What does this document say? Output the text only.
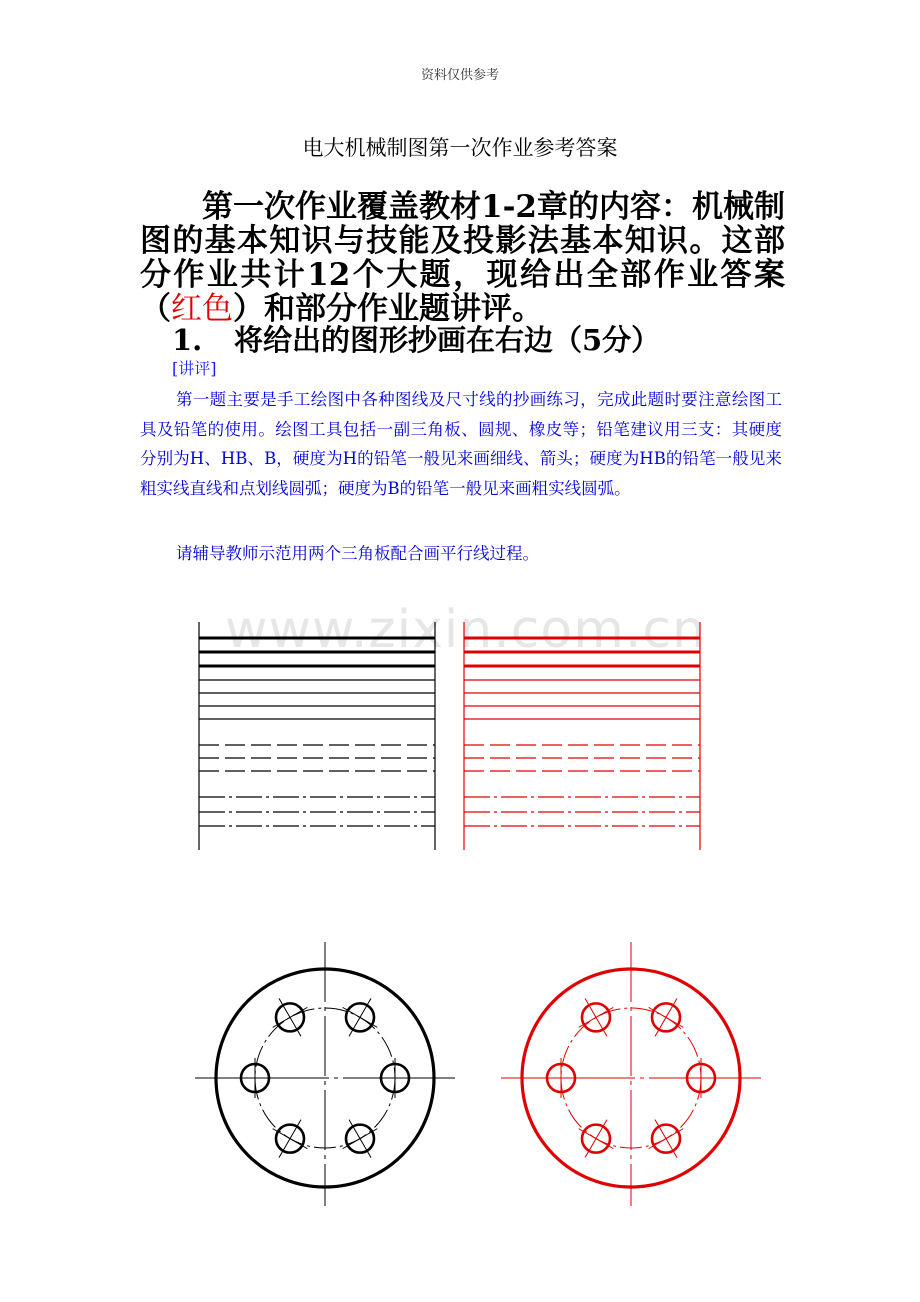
资料仅供参考
电大机械制图第一次作业参考答案

第一次作业覆盖教材1-2章的内容：机械制图的基本知识与技能及投影法基本知识。这部分作业共计12个大题，现给出全部作业答案（红色）和部分作业题讲评。

1. 将给出的图形抄画在右边（5分）
[讲评]

第一题主要是手工绘图中各种图线及尺寸线的抄画练习，完成此题时要注意绘图工具及铅笔的使用。绘图工具包括一副三角板、圆规、橡皮等；铅笔建议用三支：其硬度分别为H、HB、B，硬度为H的铅笔一般见来画细线、箭头；硬度为HB的铅笔一般见来粗实线直线和点划线圆弧；硬度为B的铅笔一般见来画粗实线圆弧。

请辅导教师示范用两个三角板配合画平行线过程。
www.zixin.com.cn
